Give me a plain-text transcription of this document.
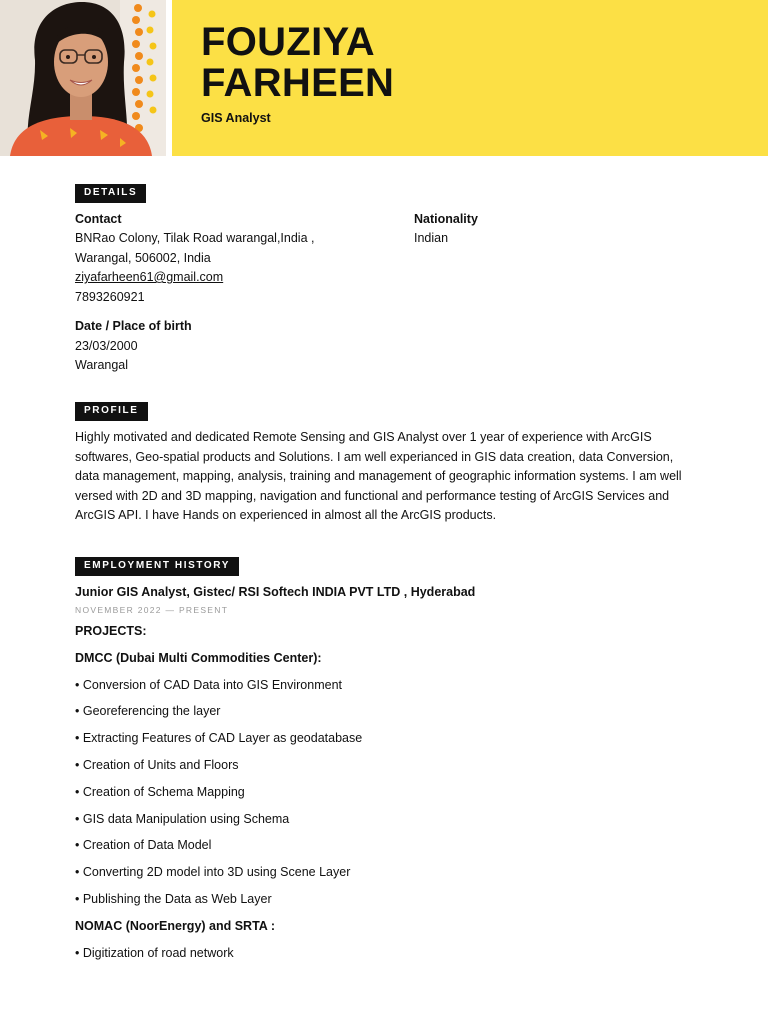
FOUZIYA
FARHEEN
GIS Analyst
DETAILS
Contact
BNRao Colony, Tilak Road warangal,India ,
Warangal, 506002, India
ziyafarheen61@gmail.com
7893260921
Date / Place of birth
23/03/2000
Warangal
Nationality
Indian
PROFILE
Highly motivated and dedicated Remote Sensing and GIS Analyst over 1 year of experience with ArcGIS softwares, Geo-spatial products and Solutions. I am well experianced in GIS data creation, data Conversion, data management, mapping, analysis, training and management of geographic information systems. I am well versed with 2D and 3D mapping, navigation and functional and performance testing of ArcGIS Services and ArcGIS API. I have Hands on experienced in almost all the ArcGIS products.
EMPLOYMENT HISTORY
Junior GIS Analyst, Gistec/ RSI Softech INDIA PVT LTD , Hyderabad
NOVEMBER 2022 — PRESENT
PROJECTS:
DMCC (Dubai Multi Commodities Center):
• Conversion of CAD Data into GIS Environment
• Georeferencing the layer
• Extracting Features of CAD Layer as geodatabase
• Creation of Units and Floors
• Creation of Schema Mapping
• GIS data Manipulation using Schema
• Creation of Data Model
• Converting 2D model into 3D using Scene Layer
• Publishing the Data as Web Layer
NOMAC (NoorEnergy) and SRTA :
• Digitization of road network
